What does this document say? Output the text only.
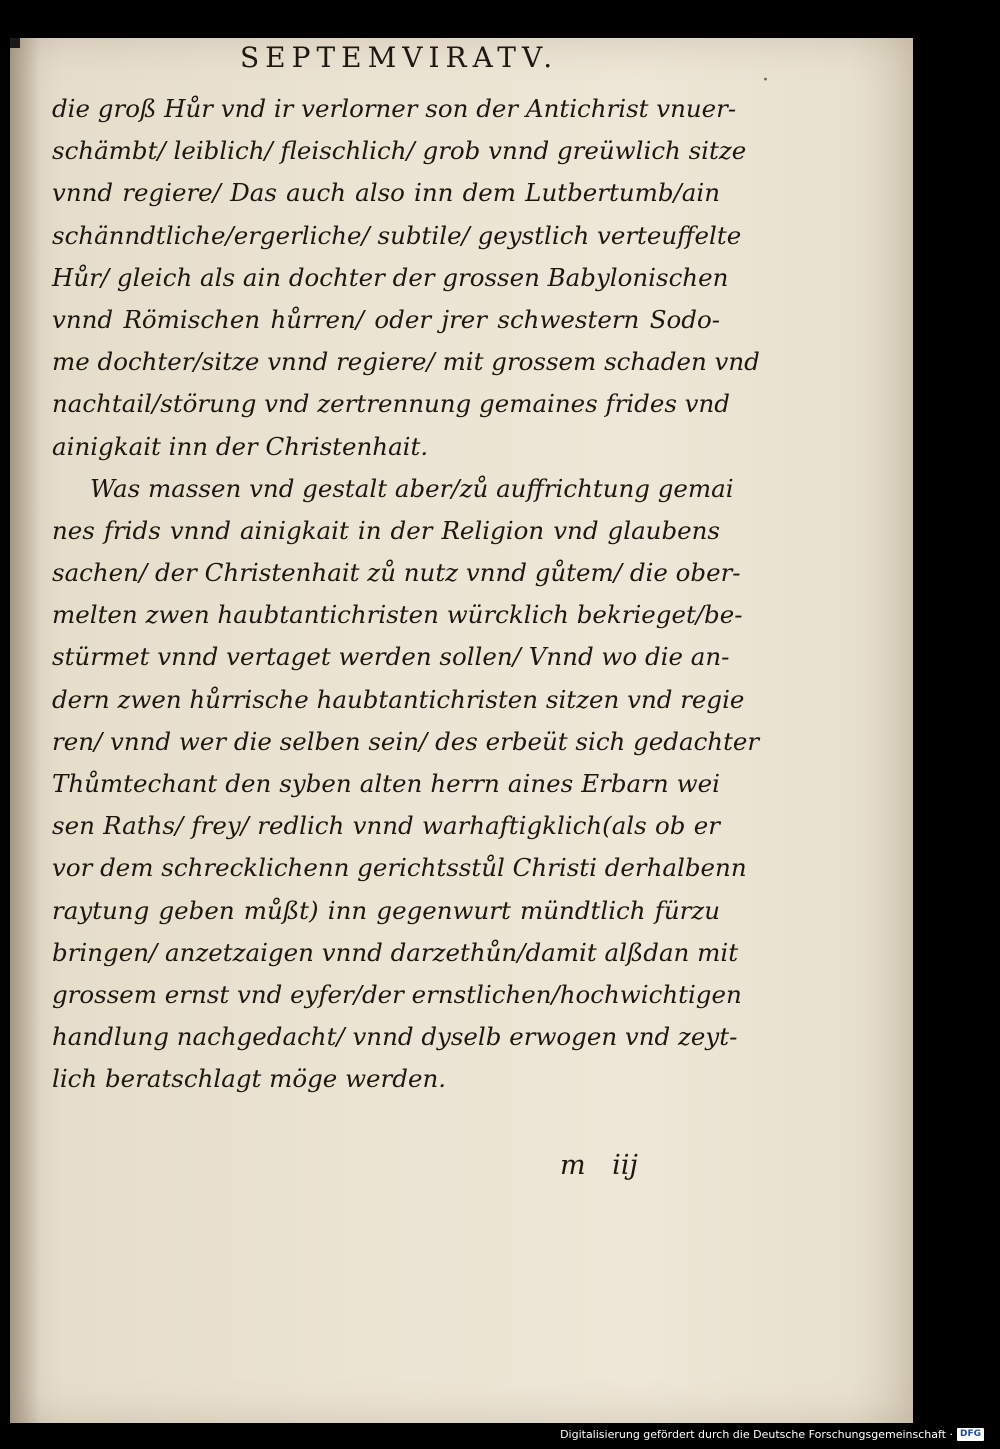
SEPTEMVIRATV.
·
die groß Hůr vnd ir verlorner son der Antichrist vnuer-
schämbt/ leiblich/ fleischlich/ grob vnnd greüwlich sitze
vnnd regiere/ Das auch also inn dem Lutbertumb/ain
schänndtliche/ergerliche/ subtile/ geystlich verteuffelte
Hůr/ gleich als ain dochter der grossen Babylonischen
vnnd Römischen hůrren/ oder jrer schwestern Sodo-
me dochter/sitze vnnd regiere/ mit grossem schaden vnd
nachtail/störung vnd zertrennung gemaines frides vnd
ainigkait inn der Christenhait.
Was massen vnd gestalt aber/zů auffrichtung gemai
nes frids vnnd ainigkait in der Religion vnd glaubens
sachen/ der Christenhait zů nutz vnnd gůtem/ die ober-
melten zwen haubtantichristen würcklich bekrieget/be-
stürmet vnnd vertaget werden sollen/ Vnnd wo die an-
dern zwen hůrrische haubtantichristen sitzen vnd regie
ren/ vnnd wer die selben sein/ des erbeüt sich gedachter
Thůmtechant den syben alten herrn aines Erbarn wei
sen Raths/ frey/ redlich vnnd warhaftigklich(als ob er
vor dem schrecklichenn gerichtsstůl Christi derhalbenn
raytung geben můßt) inn gegenwurt mündtlich fürzu
bringen/ anzetzaigen vnnd darzethůn/damit alßdan mit
grossem ernst vnd eyfer/der ernstlichen/hochwichtigen
handlung nachgedacht/ vnnd dyselb erwogen vnd zeyt-
lich beratschlagt möge werden.
m iij
Digitalisierung gefördert durch die Deutsche Forschungsgemeinschaft · DFG
